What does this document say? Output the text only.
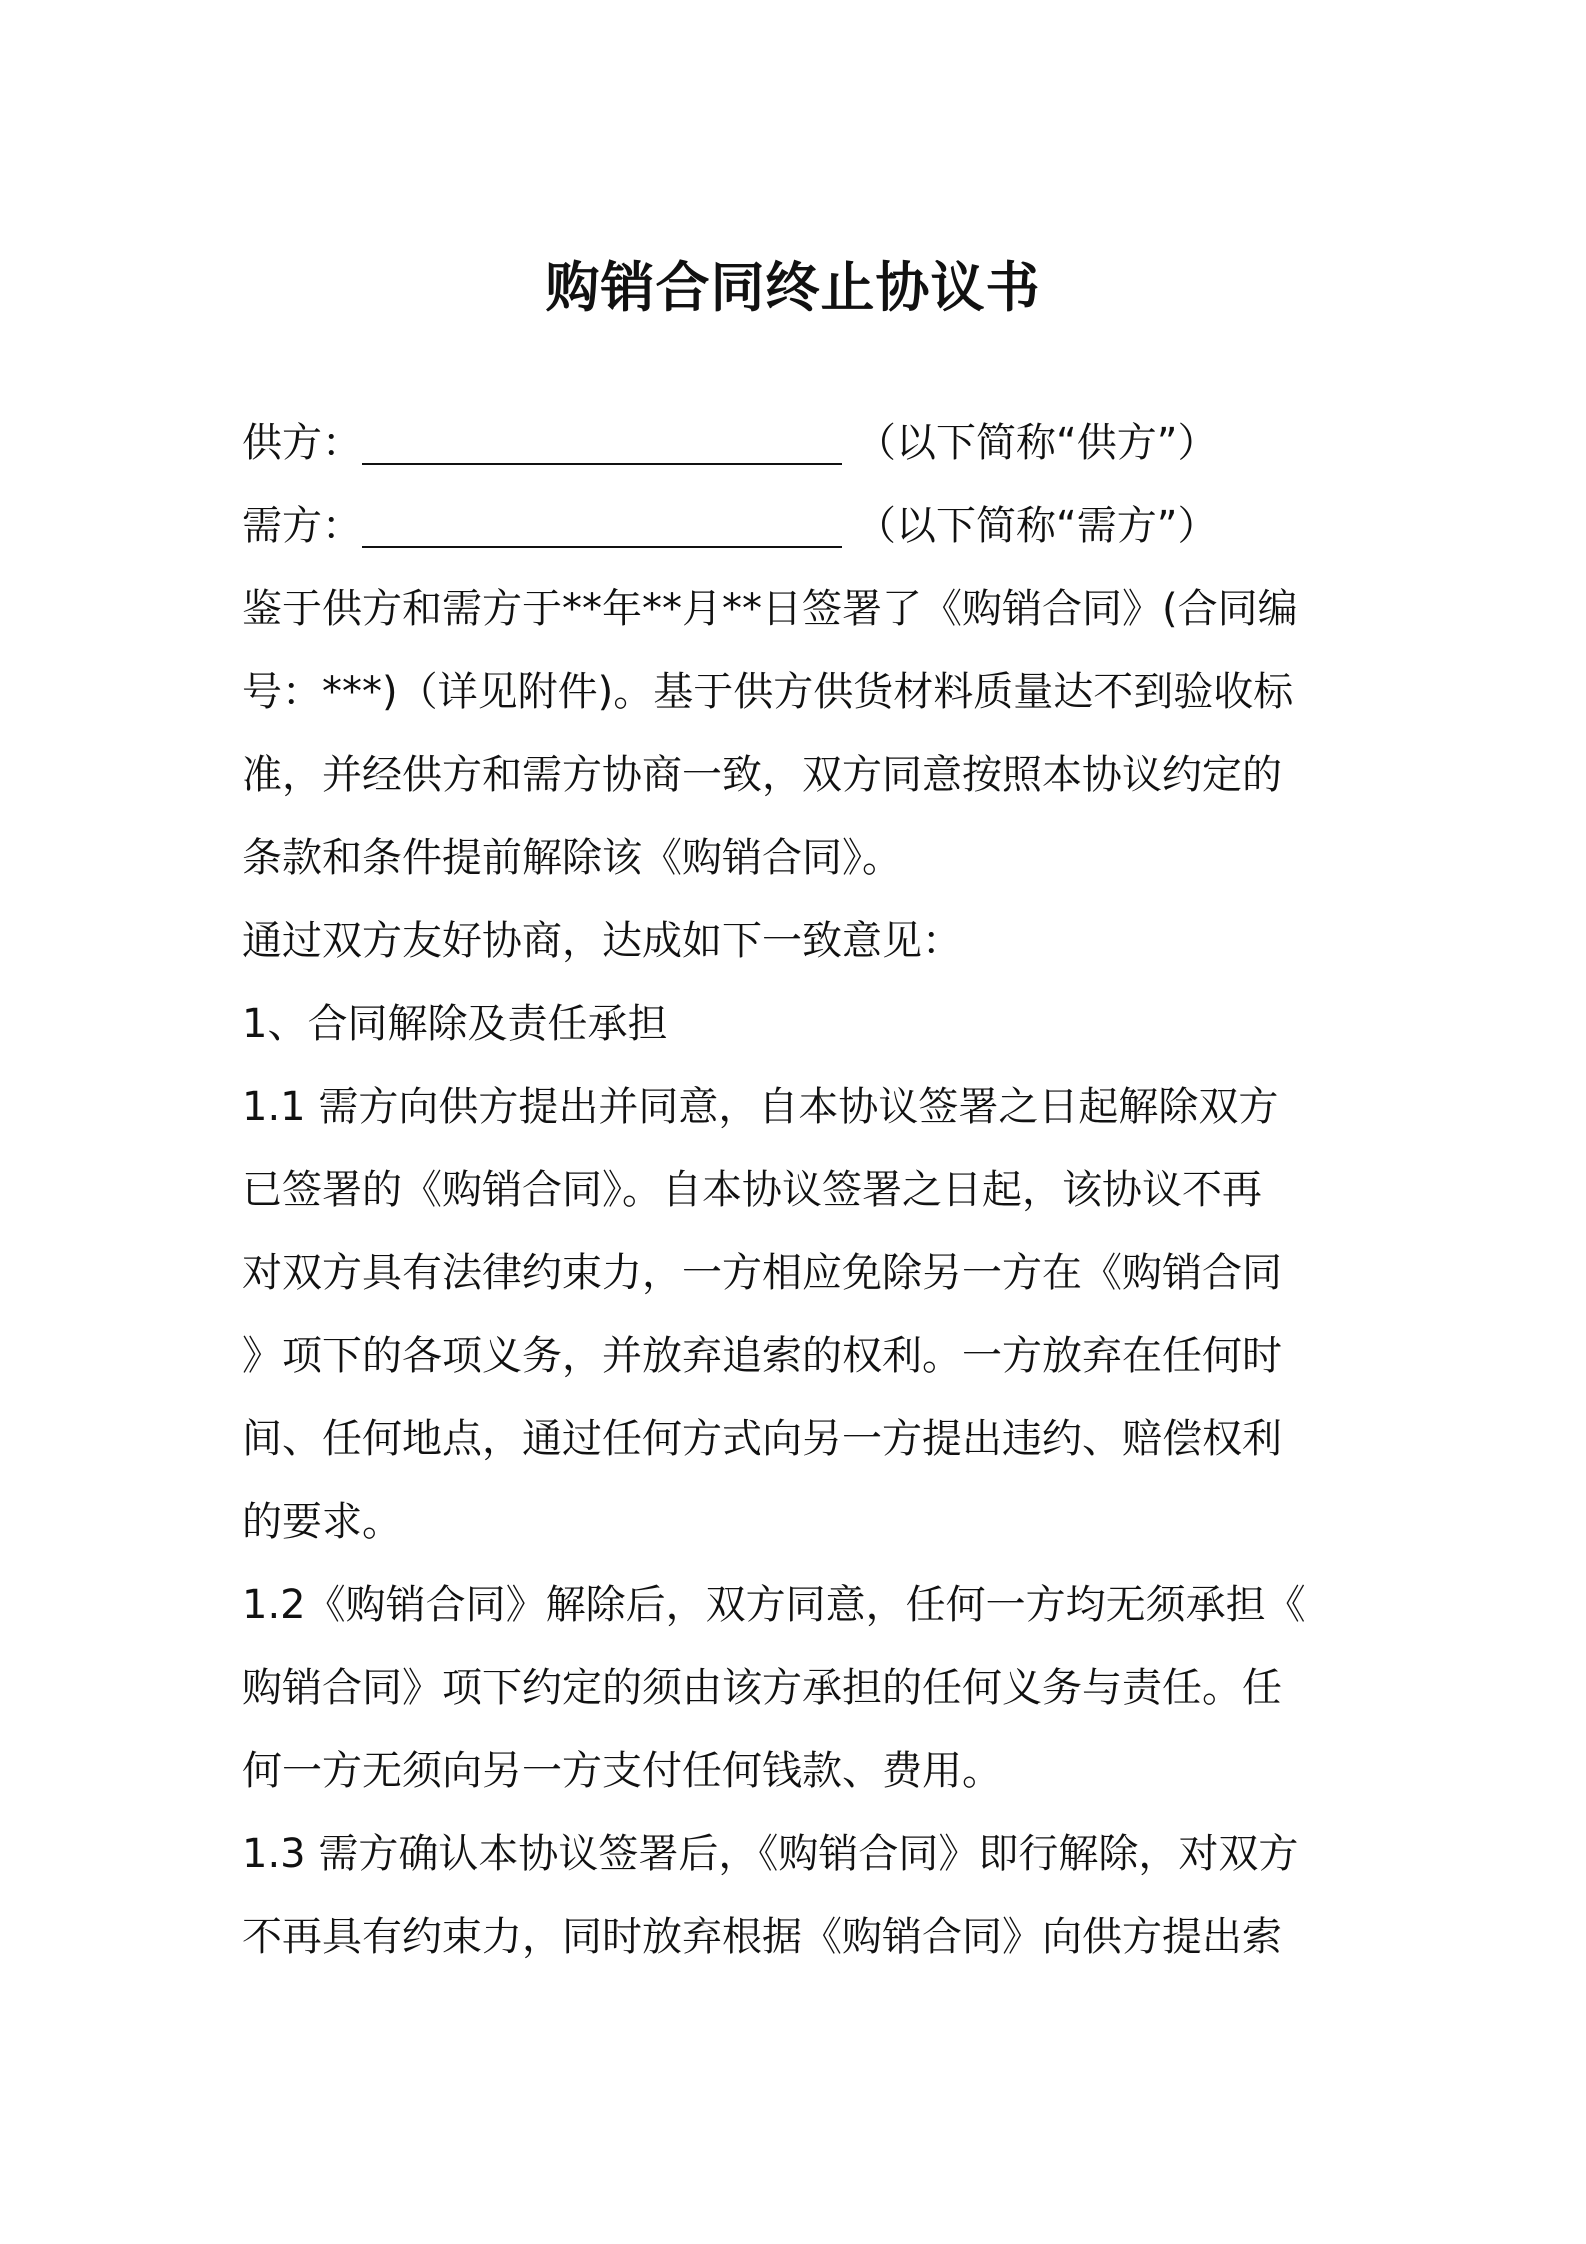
购销合同终止协议书
供方：	（以下简称“供方”）
需方：	（以下简称“需方”）
鉴于供方和需方于**年**月**日签署了《购销合同》(合同编
号：***)（详见附件)。基于供方供货材料质量达不到验收标
准，并经供方和需方协商一致，双方同意按照本协议约定的
条款和条件提前解除该《购销合同》。
通过双方友好协商，达成如下一致意见：
1、合同解除及责任承担
1.1 需方向供方提出并同意，自本协议签署之日起解除双方
已签署的《购销合同》。自本协议签署之日起，该协议不再
对双方具有法律约束力，一方相应免除另一方在《购销合同
》项下的各项义务，并放弃追索的权利。一方放弃在任何时
间、任何地点，通过任何方式向另一方提出违约、赔偿权利
的要求。
1.2《购销合同》解除后，双方同意，任何一方均无须承担《
购销合同》项下约定的须由该方承担的任何义务与责任。任
何一方无须向另一方支付任何钱款、费用。
1.3 需方确认本协议签署后，《购销合同》即行解除，对双方
不再具有约束力，同时放弃根据《购销合同》向供方提出索
